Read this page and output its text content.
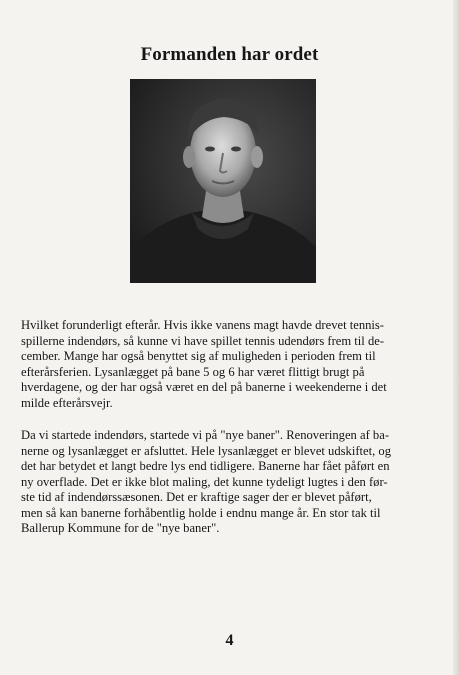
Formanden har ordet

Hvilket forunderligt efterår. Hvis ikke vanens magt havde drevet tennis-
spillerne indendørs, så kunne vi have spillet tennis udendørs frem til de-
cember. Mange har også benyttet sig af muligheden i perioden frem til
efterårsferien. Lysanlægget på bane 5 og 6 har været flittigt brugt på
hverdagene, og der har også været en del på banerne i weekenderne i det
milde efterårsvejr.

Da vi startede indendørs, startede vi på "nye baner". Renoveringen af ba-
nerne og lysanlægget er afsluttet. Hele lysanlægget er blevet udskiftet, og
det har betydet et langt bedre lys end tidligere. Banerne har fået påført en
ny overflade. Det er ikke blot maling, det kunne tydeligt lugtes i den før-
ste tid af indendørssæsonen. Det er kraftige sager der er blevet påført,
men så kan banerne forhåbentlig holde i endnu mange år. En stor tak til
Ballerup Kommune for de "nye baner".

4
